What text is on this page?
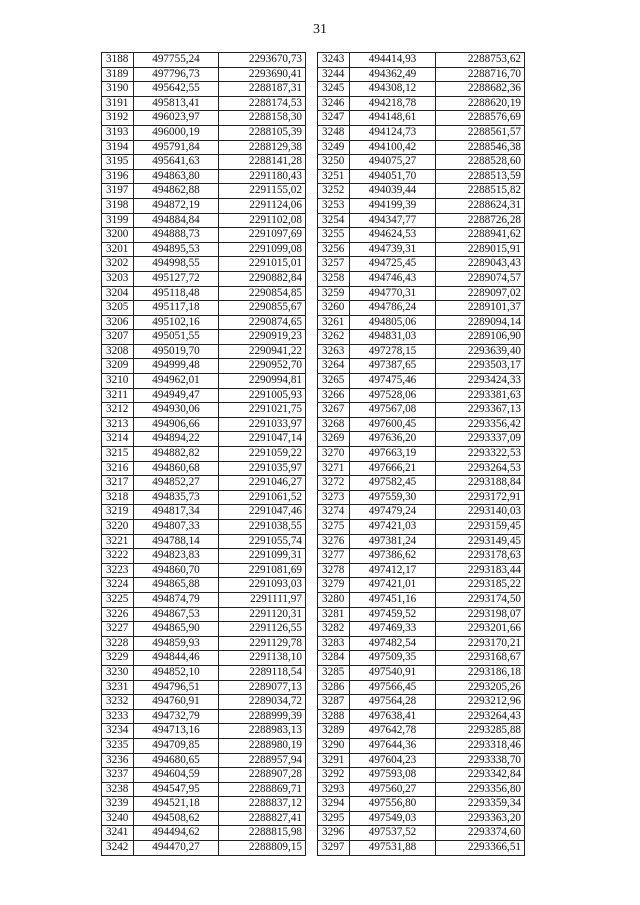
31
3188	497755,24	2293670,73
3189	497796,73	2293690,41
3190	495642,55	2288187,31
3191	495813,41	2288174,53
3192	496023,97	2288158,30
3193	496000,19	2288105,39
3194	495791,84	2288129,38
3195	495641,63	2288141,28
3196	494863,80	2291180,43
3197	494862,88	2291155,02
3198	494872,19	2291124,06
3199	494884,84	2291102,08
3200	494888,73	2291097,69
3201	494895,53	2291099,08
3202	494998,55	2291015,01
3203	495127,72	2290882,84
3204	495118,48	2290854,85
3205	495117,18	2290855,67
3206	495102,16	2290874,65
3207	495051,55	2290919,23
3208	495019,70	2290941,22
3209	494999,48	2290952,70
3210	494962,01	2290994,81
3211	494949,47	2291005,93
3212	494930,06	2291021,75
3213	494906,66	2291033,97
3214	494894,22	2291047,14
3215	494882,82	2291059,22
3216	494860,68	2291035,97
3217	494852,27	2291046,27
3218	494835,73	2291061,52
3219	494817,34	2291047,46
3220	494807,33	2291038,55
3221	494788,14	2291055,74
3222	494823,83	2291099,31
3223	494860,70	2291081,69
3224	494865,88	2291093,03
3225	494874,79	2291111,97
3226	494867,53	2291120,31
3227	494865,90	2291126,55
3228	494859,93	2291129,78
3229	494844,46	2291138,10
3230	494852,10	2289118,54
3231	494796,51	2289077,13
3232	494760,91	2289034,72
3233	494732,79	2288999,39
3234	494713,16	2288983,13
3235	494709,85	2288980,19
3236	494680,65	2288957,94
3237	494604,59	2288907,28
3238	494547,95	2288869,71
3239	494521,18	2288837,12
3240	494508,62	2288827,41
3241	494494,62	2288815,98
3242	494470,27	2288809,15
3243	494414,93	2288753,62
3244	494362,49	2288716,70
3245	494308,12	2288682,36
3246	494218,78	2288620,19
3247	494148,61	2288576,69
3248	494124,73	2288561,57
3249	494100,42	2288546,38
3250	494075,27	2288528,60
3251	494051,70	2288513,59
3252	494039,44	2288515,82
3253	494199,39	2288624,31
3254	494347,77	2288726,28
3255	494624,53	2288941,62
3256	494739,31	2289015,91
3257	494725,45	2289043,43
3258	494746,43	2289074,57
3259	494770,31	2289097,02
3260	494786,24	2289101,37
3261	494805,06	2289094,14
3262	494831,03	2289106,90
3263	497278,15	2293639,40
3264	497387,65	2293503,17
3265	497475,46	2293424,33
3266	497528,06	2293381,63
3267	497567,08	2293367,13
3268	497600,45	2293356,42
3269	497636,20	2293337,09
3270	497663,19	2293322,53
3271	497666,21	2293264,53
3272	497582,45	2293188,84
3273	497559,30	2293172,91
3274	497479,24	2293140,03
3275	497421,03	2293159,45
3276	497381,24	2293149,45
3277	497386,62	2293178,63
3278	497412,17	2293183,44
3279	497421,01	2293185,22
3280	497451,16	2293174,50
3281	497459,52	2293198,07
3282	497469,33	2293201,66
3283	497482,54	2293170,21
3284	497509,35	2293168,67
3285	497540,91	2293186,18
3286	497566,45	2293205,26
3287	497564,28	2293212,96
3288	497638,41	2293264,43
3289	497642,78	2293285,88
3290	497644,36	2293318,46
3291	497604,23	2293338,70
3292	497593,08	2293342,84
3293	497560,27	2293356,80
3294	497556,80	2293359,34
3295	497549,03	2293363,20
3296	497537,52	2293374,60
3297	497531,88	2293366,51
